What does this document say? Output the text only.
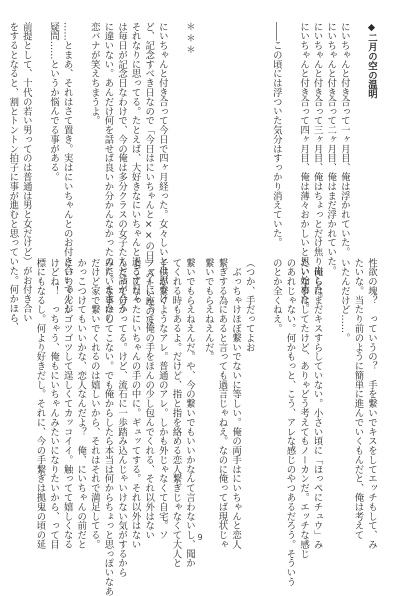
◆二月の空の温明
にいちゃんと付き合って一ヶ月目、俺は浮かれていた。
にいちゃんと付き合って二ヶ月目、俺はまだ浮かれていた。
にいちゃんと付き合って三ヶ月目、俺はちょっとだけ焦り出した。
にいちゃんと付き合って四ヶ月目、俺は薄々おかしいと思い始めた。
――この頃には浮ついた気分はすっかり消えていた。
＊＊＊
にいちゃんと付き合って今日で四ヶ月経った。女々しいとは思うけ
ど、記念すべき日なので「今日はにいちゃんと××の日」みたいなのは
それなりに思ってる。たとえば、大好きなにいちゃんと過ごす日々
は毎日が記念日なわけで、今の俺は多分クラスの女子たちと話が合う
に違いない。あんだけ何を話せば良いか分かんなかったのに。まさかの
恋バナが笑えちまうよ。
……とまあ、それはさて置き。実はにいちゃんとのお付き合いで少し
疑問……というか悩んでる事がある。
前提として、十代の若い男ってのは普通は男と女だけど）がお付き合い
をするとなると、割とトントン拍子に事が進むと思っていた。何かほら、
性欲の塊？　っていうの？　手を繋いでキスをしてエッチもして、み
たいな。当たり前のように簡単に進んでいくもんだと、俺は考えて
いたんだけど……。
　俺らはまだキスすらしていない。小さい頃に「ほっぺにチュウ」み
たいな事はしてたけど、ありゃどう考えてもノーカンだ。エッチな感じ
のあれじゃない。何かもっと、こう、アレな感じのやつあるだろう。そういう
のとか全くねえ。
（つか、手だってよお
　ぶっちゃけほぼ繋いでないに等しい。俺の両手はにいちゃんと恋人
繋ぎする為にあると言っても過言じゃねえ。なのに俺ってば現状じゃ
繋いでもらえねえんだ。
繋いでもらえねえんだ。や、今の繋いでもいいかなんて言わないし、聞か
てくれる時もあるよ。だけど、指と指を絡める恋人繋ぎじゃなくて大人と
子供が繋ぐようなアレ。普通のアレ。しかも外じゃなくて自宅。ソ
ファーに座って俺の手をほんの少し包んでくれる、それ以外はない
ようになったにいちゃんの手の中に。ギュッてする。それ以外はない
んだって分かってる。けど、流石に一歩踏み込んじゃいけない気がするから
みたいな事はしてこない。でも俺からしたら本当は何からちょっと思っぽいなあ
だけど家で繋いでくれるのは嬉しいから、それはそれで満足してる。
かっこつけてもいいかな、恋人なんだよ？　俺、にいちゃんの前だと
にいちゃんがゴツゴツして逞しくてカッコイイ。触ってて嬉しくなる
けどね！　っちゃう、俺もにいちゃんみたいになりたいから、って目
標にもなるし。何より好きだし。それに、今の手繋ぎは拠鬼の頃の延	9
